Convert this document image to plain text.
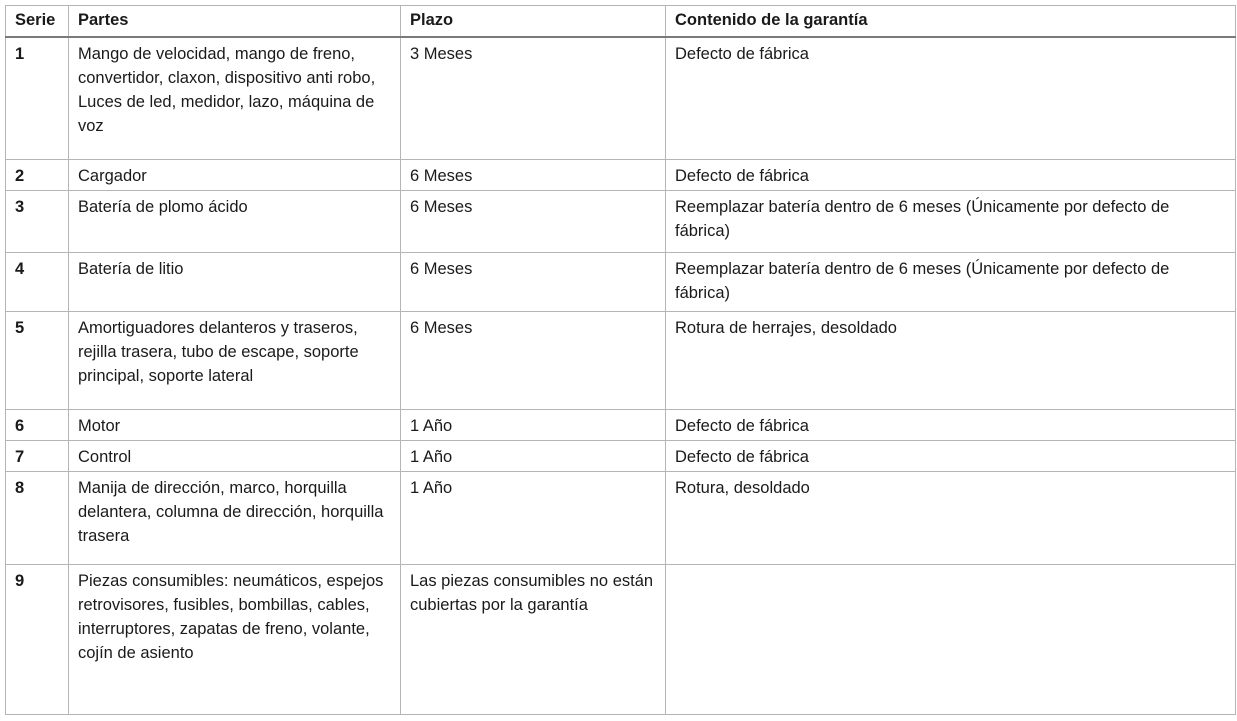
Serie	Partes	Plazo	Contenido de la garantía
1	Mango de velocidad, mango de freno, convertidor, claxon, dispositivo anti robo, Luces de led, medidor, lazo, máquina de voz	3 Meses	Defecto de fábrica
2	Cargador	6 Meses	Defecto de fábrica
3	Batería de plomo ácido	6 Meses	Reemplazar batería dentro de 6 meses (Únicamente por defecto de fábrica)
4	Batería de litio	6 Meses	Reemplazar batería dentro de 6 meses (Únicamente por defecto de fábrica)
5	Amortiguadores delanteros y traseros, rejilla trasera, tubo de escape, soporte principal, soporte lateral	6 Meses	Rotura de herrajes, desoldado
6	Motor	1 Año	Defecto de fábrica
7	Control	1 Año	Defecto de fábrica
8	Manija de dirección, marco, horquilla delantera, columna de dirección, horquilla trasera	1 Año	Rotura, desoldado
9	Piezas consumibles: neumáticos, espejos retrovisores, fusibles, bombillas, cables, interruptores, zapatas de freno, volante, cojín de asiento	Las piezas consumibles no están cubiertas por la garantía	
